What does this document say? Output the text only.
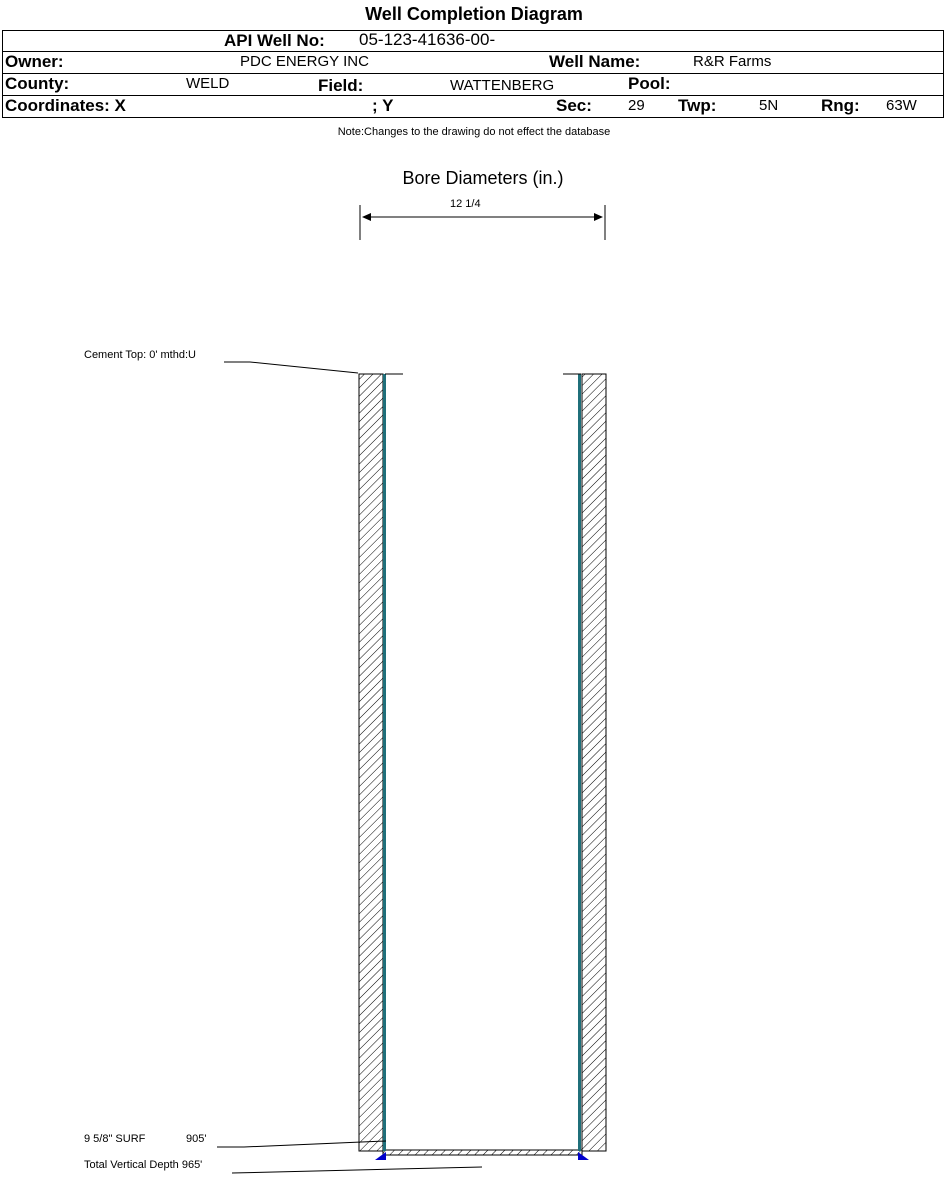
Well Completion Diagram
API Well No: 05-123-41636-00-
Owner:	PDC ENERGY INC	Well Name:	R&R Farms
County:	WELD	Field:	WATTENBERG	Pool:
Coordinates: X	; Y	Sec: 29 Twp:	5N	Rng: 63W
Note:Changes to the drawing do not effect the database
Bore Diameters (in.)
12 1/4
Cement Top: 0' mthd:U
9 5/8" SURF	905'
Total Vertical Depth 965'
